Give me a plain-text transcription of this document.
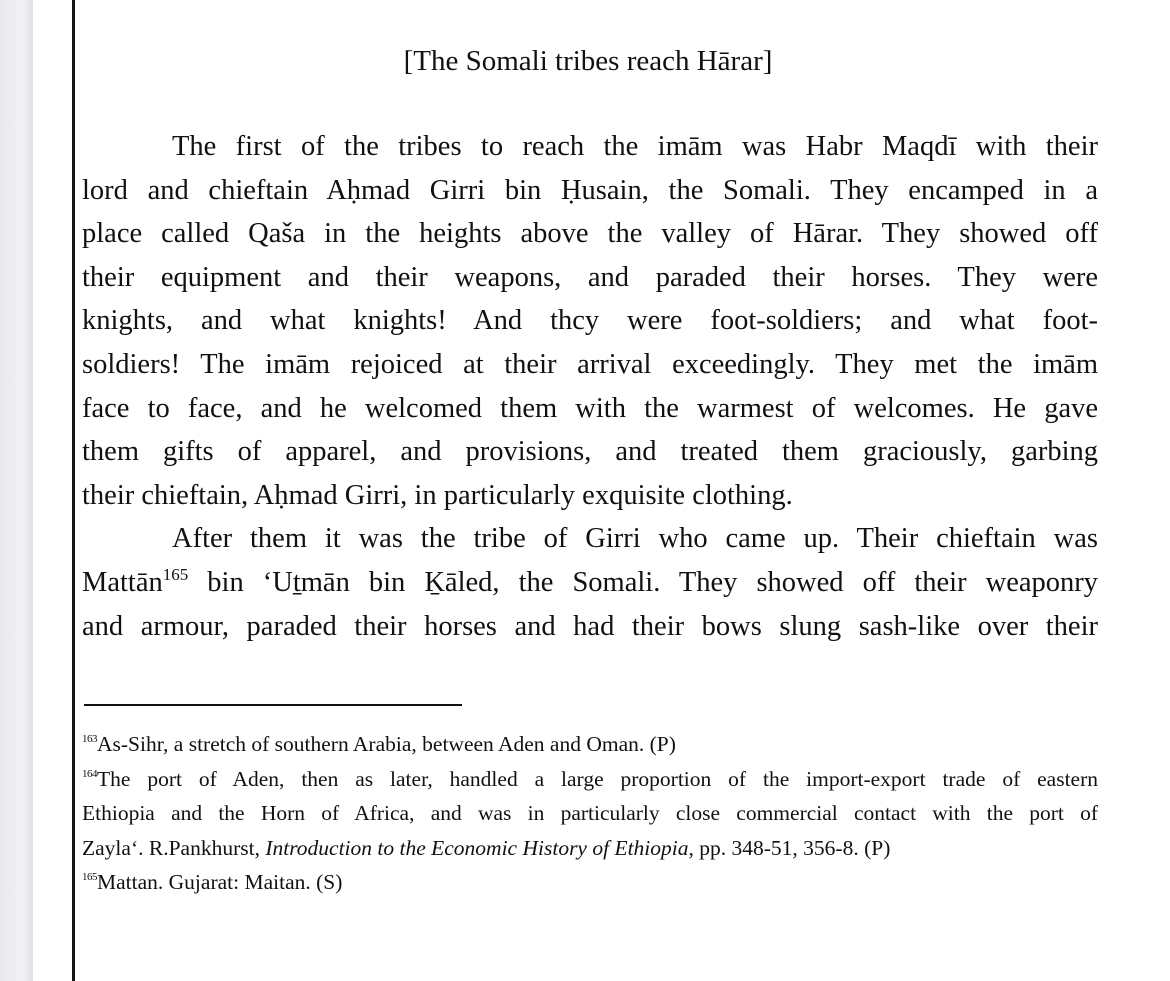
[The Somali tribes reach Hārar]
The first of the tribes to reach the imām was Habr Maqdī with their
lord and chieftain Aḥmad Girri bin Ḥusain, the Somali. They encamped in a
place called Qaša in the heights above the valley of Hārar. They showed off
their equipment and their weapons, and paraded their horses. They were
knights, and what knights! And thcy were foot-soldiers; and what foot-
soldiers! The imām rejoiced at their arrival exceedingly. They met the imām
face to face, and he welcomed them with the warmest of welcomes. He gave
them gifts of apparel, and provisions, and treated them graciously, garbing
their chieftain, Aḥmad Girri, in particularly exquisite clothing.
After them it was the tribe of Girri who came up. Their chieftain was
Mattān$^{165}$ bin ‘Uṯmān bin Ḵāled, the Somali. They showed off their weaponry
and armour, paraded their horses and had their bows slung sash-like over their
$^{163}$As-Sihr, a stretch of southern Arabia, between Aden and Oman. (P)
$^{164}$The port of Aden, then as later, handled a large proportion of the import-export trade of eastern
Ethiopia and the Horn of Africa, and was in particularly close commercial contact with the port of
Zayla‘. R.Pankhurst, Introduction to the Economic History of Ethiopia, pp. 348-51, 356-8. (P)
$^{165}$Mattan. Gujarat: Maitan. (S)
